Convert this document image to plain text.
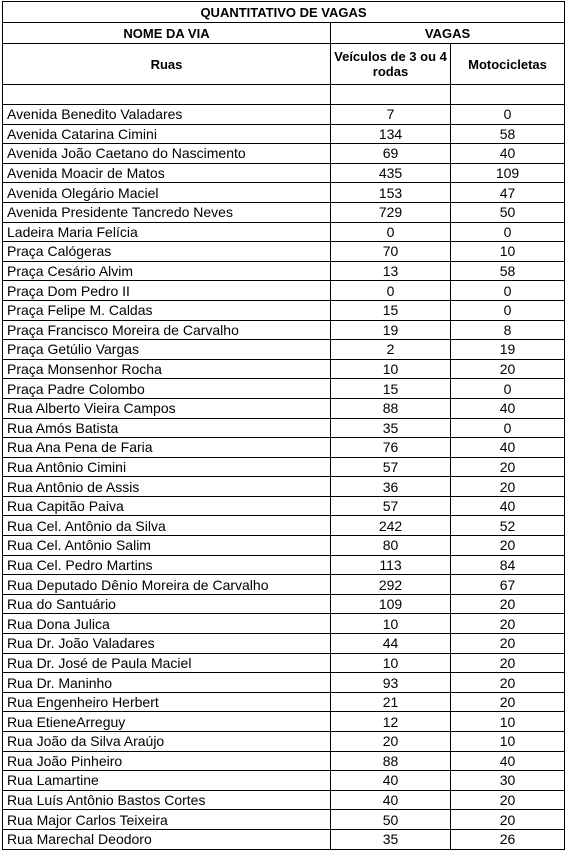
QUANTITATIVO DE VAGAS		
NOME DA VIA	VAGAS	
Ruas	Veículos de 3 ou 4 rodas	Motocicletas

Avenida Benedito Valadares	7	0
Avenida Catarina Cimini	134	58
Avenida João Caetano do Nascimento	69	40
Avenida Moacir de Matos	435	109
Avenida Olegário Maciel	153	47
Avenida Presidente Tancredo Neves	729	50
Ladeira Maria Felícia	0	0
Praça Calógeras	70	10
Praça Cesário Alvim	13	58
Praça Dom Pedro II	0	0
Praça Felipe M. Caldas	15	0
Praça Francisco Moreira de Carvalho	19	8
Praça Getúlio Vargas	2	19
Praça Monsenhor Rocha	10	20
Praça Padre Colombo	15	0
Rua Alberto Vieira Campos	88	40
Rua Amós Batista	35	0
Rua Ana Pena de Faria	76	40
Rua Antônio Cimini	57	20
Rua Antônio de Assis	36	20
Rua Capitão Paiva	57	40
Rua Cel. Antônio da Silva	242	52
Rua Cel. Antônio Salim	80	20
Rua Cel. Pedro Martins	113	84
Rua Deputado Dênio Moreira de Carvalho	292	67
Rua do Santuário	109	20
Rua Dona Julica	10	20
Rua Dr. João Valadares	44	20
Rua Dr. José de Paula Maciel	10	20
Rua Dr. Maninho	93	20
Rua Engenheiro Herbert	21	20
Rua EtieneArreguy	12	10
Rua João da Silva Araújo	20	10
Rua João Pinheiro	88	40
Rua Lamartine	40	30
Rua Luís Antônio Bastos Cortes	40	20
Rua Major Carlos Teixeira	50	20
Rua Marechal Deodoro	35	26
